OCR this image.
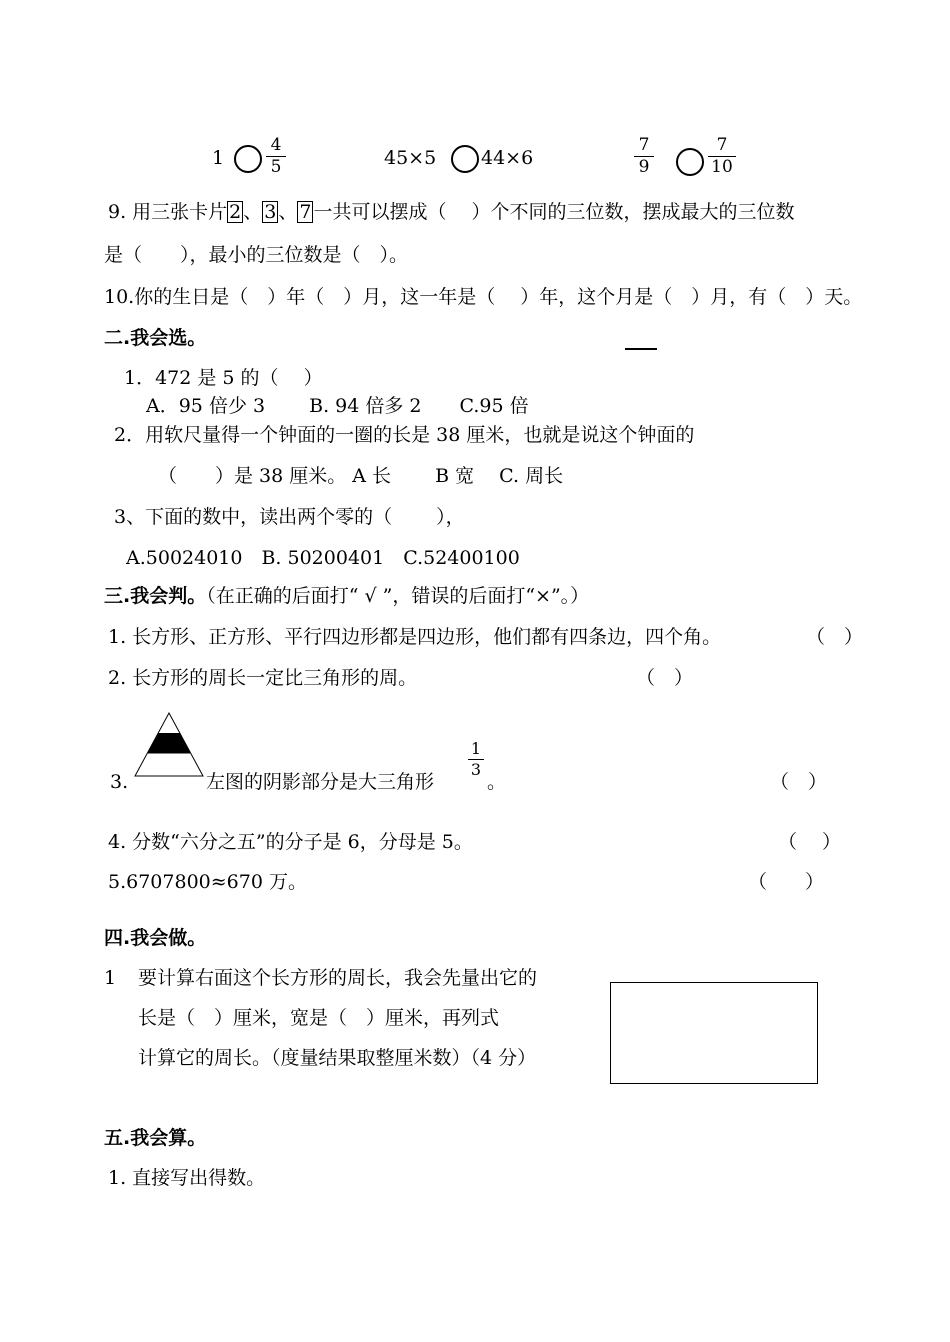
1
4
5	45×5 44×6
7
9
7
10
9. 用三张卡片 2 、 3 、 7 一共可以摆成（　 ）个不同的三位数，摆成最大的三位数
是（　　），最小的三位数是（　）。
10.你的生日是（　）年（　）月，这一年是（　 ）年，这个月是（　）月，有（　）天。
二.我会选。
1．472 是 5 的（　 ）
A．95 倍少 3　　 B. 94 倍多 2　　C.95 倍
2．用软尺量得一个钟面的一圈的长是 38 厘米，也就是说这个钟面的
（　　）是 38 厘米。 A 长　　 B 宽　 C. 周长
3、下面的数中，读出两个零的（　　 ），
A.50024010　B. 50200401　C.52400100
三.我会判。（在正确的后面打“ √ ”，错误的后面打“×”。）
1. 长方形、正方形、平行四边形都是四边形，他们都有四条边，四个角。	（　）
2. 长方形的周长一定比三角形的周。	（　）
3.	左图的阴影部分是大三角形
1
3
。	（　）
4. 分数“六分之五”的分子是 6，分母是 5。	（　 ）
5.6707800≈670 万。	（　　）
四.我会做。
1 要计算右面这个长方形的周长，我会先量出它的
长是（　）厘米，宽是（　）厘米，再列式
计算它的周长。（度量结果取整厘米数）（4 分）
五.我会算。
1. 直接写出得数。
